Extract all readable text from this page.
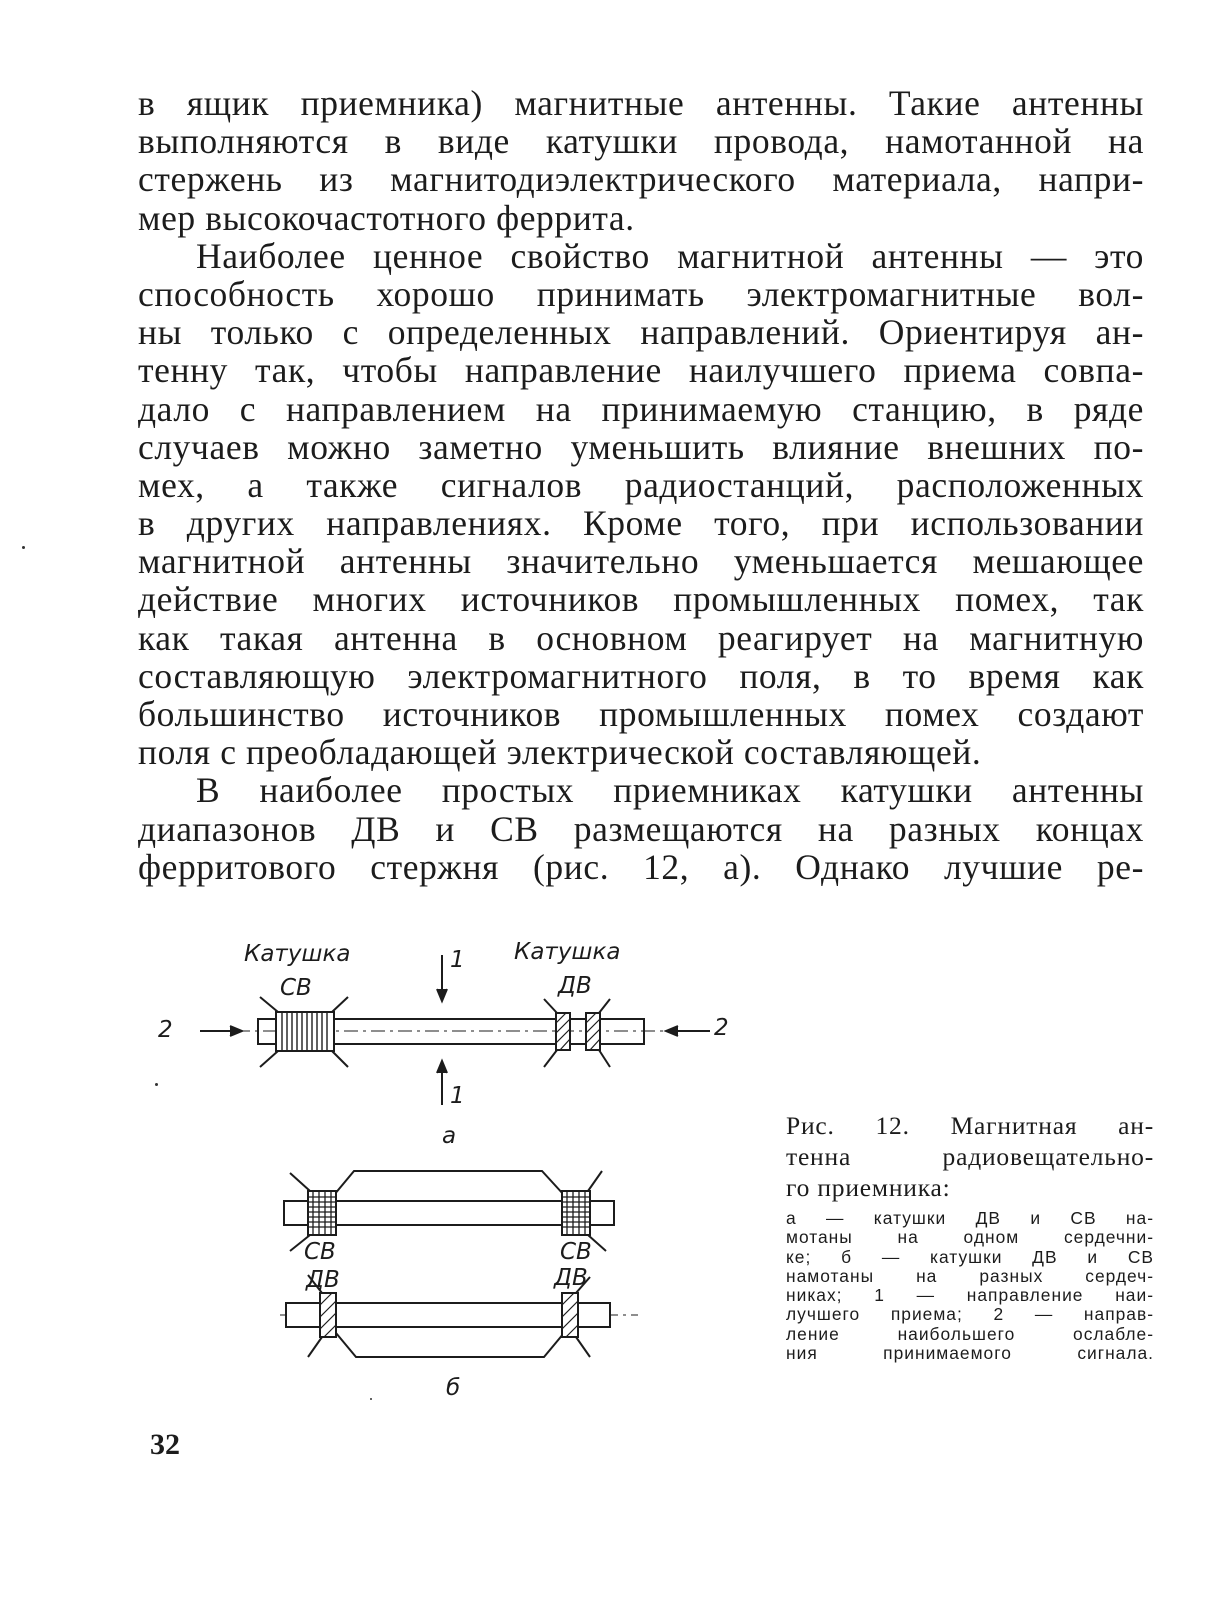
в ящик приемника) магнитные антенны. Такие антенны
выполняются в виде катушки провода, намотанной на
стержень из магнитодиэлектрического материала, напри-
мер высокочастотного феррита.
Наиболее ценное свойство магнитной антенны — это
способность хорошо принимать электромагнитные вол-
ны только с определенных направлений. Ориентируя ан-
тенну так, чтобы направление наилучшего приема совпа-
дало с направлением на принимаемую станцию, в ряде
случаев можно заметно уменьшить влияние внешних по-
мех, а также сигналов радиостанций, расположенных
в других направлениях. Кроме того, при использовании
магнитной антенны значительно уменьшается мешающее
действие многих источников промышленных помех, так
как такая антенна в основном реагирует на магнитную
составляющую электромагнитного поля, в то время как
большинство источников промышленных помех создают
поля с преобладающей электрической составляющей.
В наиболее простых приемниках катушки антенны
диапазонов ДВ и СВ размещаются на разных концах
ферритового стержня (рис. 12, а). Однако лучшие ре-
Катушка
СВ
Катушка
ДВ
1
1
2	2
а
СВ
ДВ
СВ
ДВ
б
Рис. 12. Магнитная ан-
тенна радиовещательно-
го приемника:
а — катушки ДВ и СВ на-
мотаны на одном сердечни-
ке; б — катушки ДВ и СВ
намотаны на разных сердеч-
никах; 1 — направление наи-
лучшего приема; 2 — направ-
ление наибольшего ослабле-
ния принимаемого сигнала.
32
